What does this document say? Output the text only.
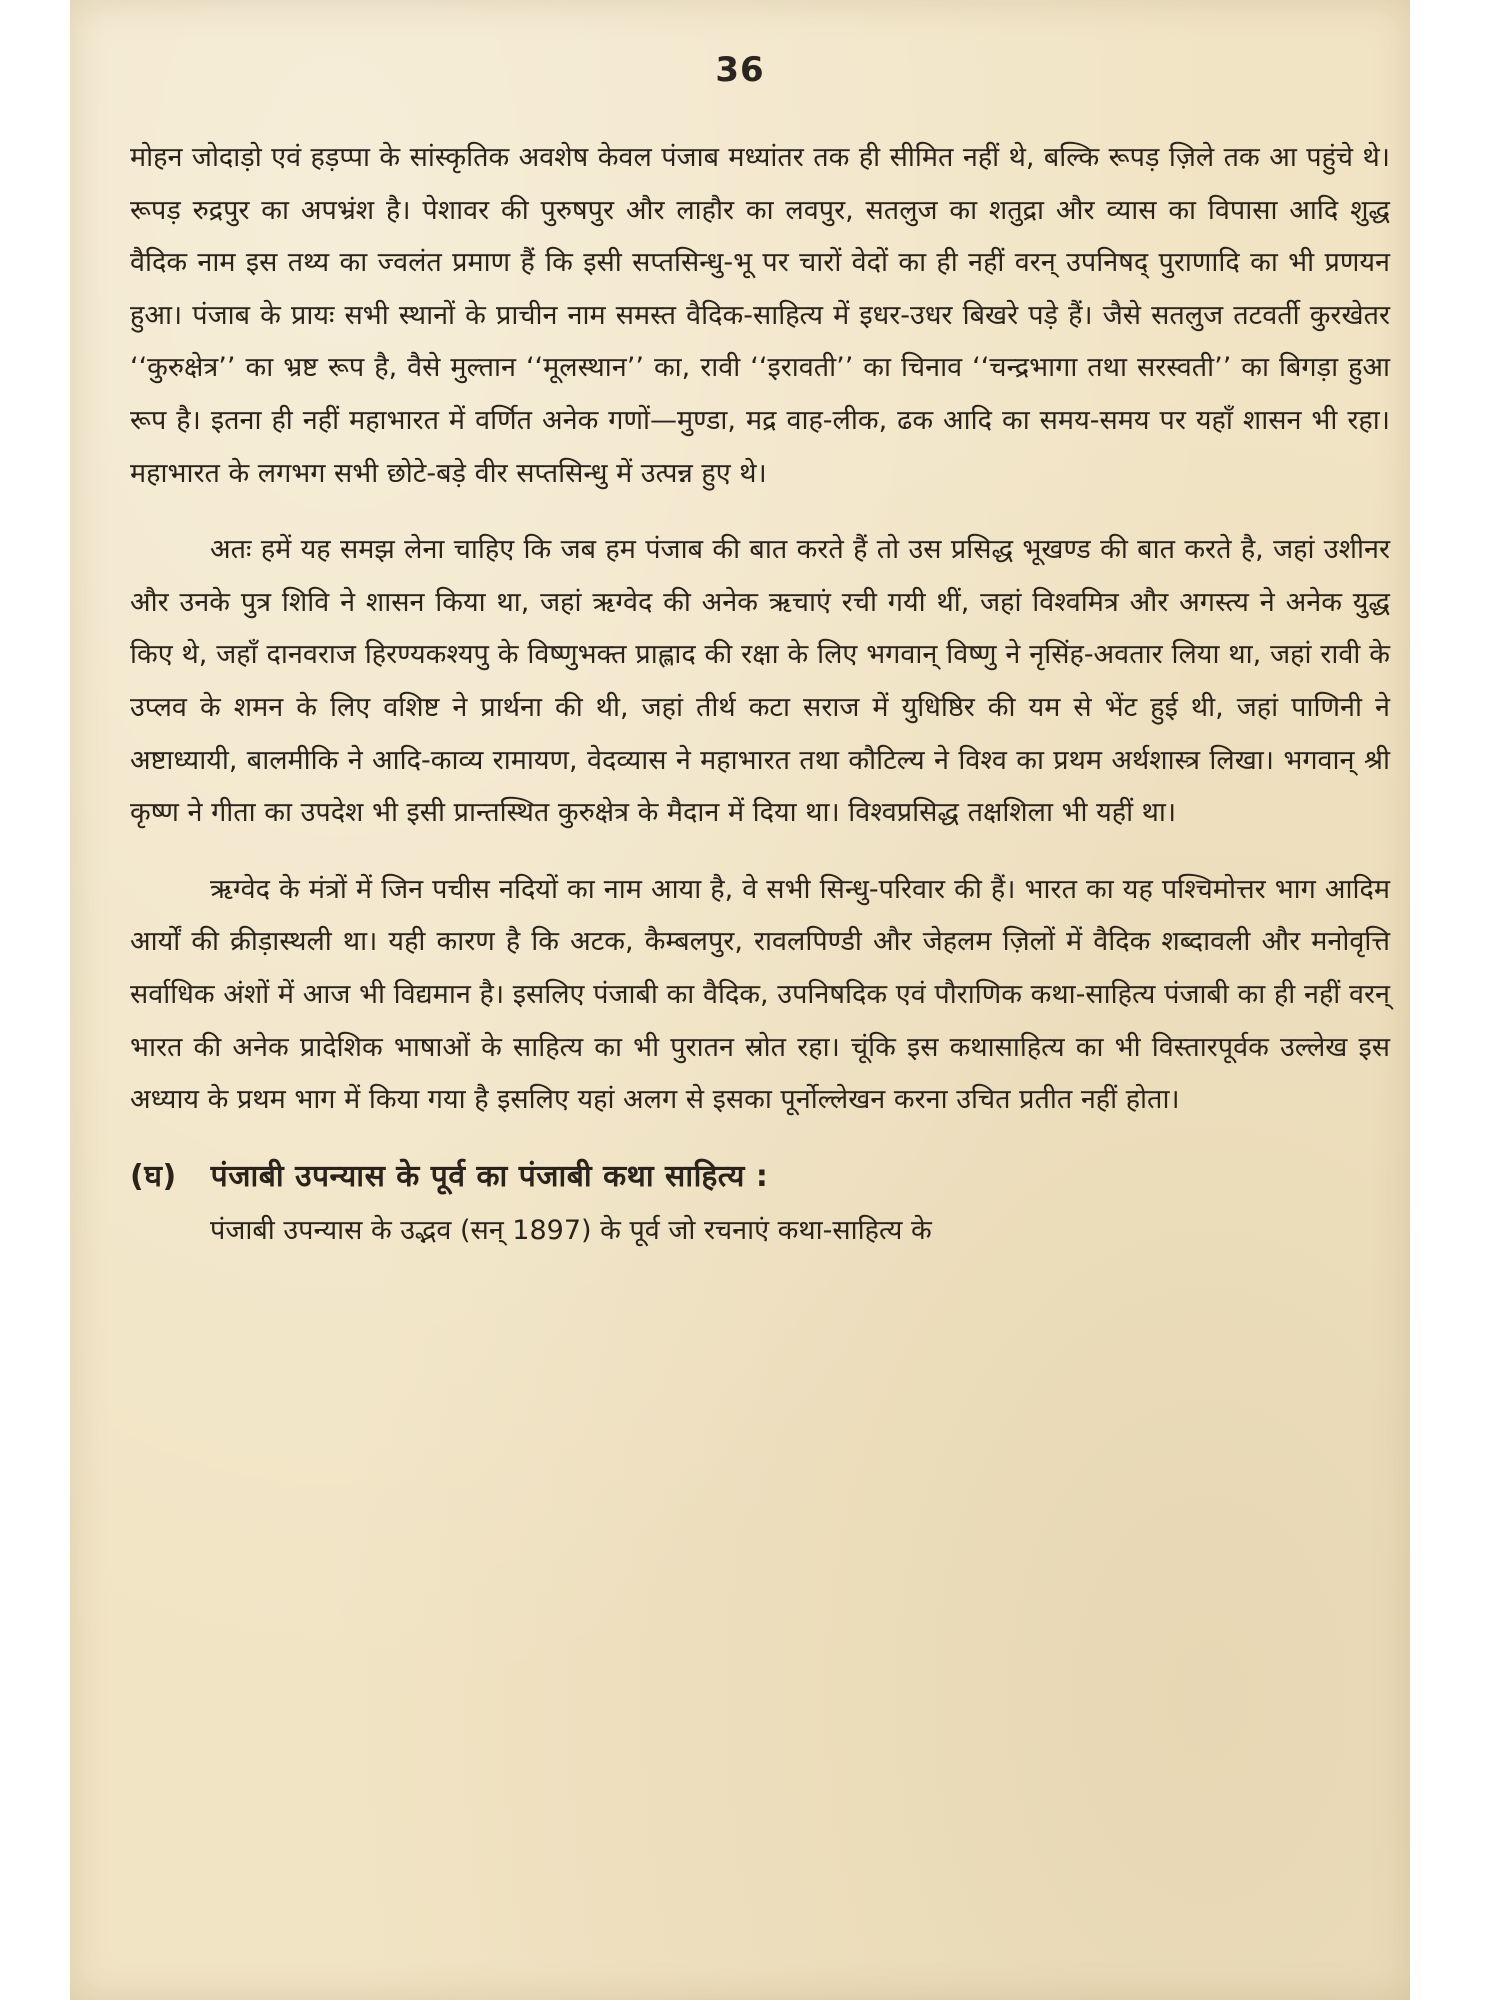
36

मोहन जोदाड़ो एवं हड़प्पा के सांस्कृतिक अवशेष केवल पंजाब मध्यांतर तक ही सीमित नहीं थे, बल्कि रूपड़ ज़िले तक आ पहुंचे थे। रूपड़ रुद्रपुर का अपभ्रंश है। पेशावर की पुरुषपुर और लाहौर का लवपुर, सतलुज का शतुद्रा और व्यास का विपासा आदि शुद्ध वैदिक नाम इस तथ्य का ज्वलंत प्रमाण हैं कि इसी सप्तसिन्धु-भू पर चारों वेदों का ही नहीं वरन् उपनिषद् पुराणादि का भी प्रणयन हुआ। पंजाब के प्रायः सभी स्थानों के प्राचीन नाम समस्त वैदिक-साहित्य में इधर-उधर बिखरे पड़े हैं। जैसे सतलुज तटवर्ती कुरखेतर ‘‘कुरुक्षेत्र’’ का भ्रष्ट रूप है, वैसे मुल्तान ‘‘मूलस्थान’’ का, रावी ‘‘इरावती’’ का चिनाव ‘‘चन्द्रभागा तथा सरस्वती’’ का बिगड़ा हुआ रूप है। इतना ही नहीं महाभारत में वर्णित अनेक गणों—मुण्डा, मद्र वाह-लीक, ढक आदि का समय-समय पर यहाँ शासन भी रहा। महाभारत के लगभग सभी छोटे-बड़े वीर सप्तसिन्धु में उत्पन्न हुए थे।

अतः हमें यह समझ लेना चाहिए कि जब हम पंजाब की बात करते हैं तो उस प्रसिद्ध भूखण्ड की बात करते है, जहां उशीनर और उनके पुत्र शिवि ने शासन किया था, जहां ऋग्वेद की अनेक ऋचाएं रची गयी थीं, जहां विश्वमित्र और अगस्त्य ने अनेक युद्ध किए थे, जहाँ दानवराज हिरण्यकश्यपु के विष्णुभक्त प्राह्लाद की रक्षा के लिए भगवान् विष्णु ने नृसिंह-अवतार लिया था, जहां रावी के उप्लव के शमन के लिए वशिष्ट ने प्रार्थना की थी, जहां तीर्थ कटा सराज में युधिष्ठिर की यम से भेंट हुई थी, जहां पाणिनी ने अष्टाध्यायी, बालमीकि ने आदि-काव्य रामायण, वेदव्यास ने महाभारत तथा कौटिल्य ने विश्व का प्रथम अर्थशास्त्र लिखा। भगवान् श्री कृष्ण ने गीता का उपदेश भी इसी प्रान्तस्थित कुरुक्षेत्र के मैदान में दिया था। विश्वप्रसिद्ध तक्षशिला भी यहीं था।

ऋग्वेद के मंत्रों में जिन पचीस नदियों का नाम आया है, वे सभी सिन्धु-परिवार की हैं। भारत का यह पश्चिमोत्तर भाग आदिम आर्यों की क्रीड़ास्थली था। यही कारण है कि अटक, कैम्बलपुर, रावलपिण्डी और जेहलम ज़िलों में वैदिक शब्दावली और मनोवृत्ति सर्वाधिक अंशों में आज भी विद्यमान है। इसलिए पंजाबी का वैदिक, उपनिषदिक एवं पौराणिक कथा-साहित्य पंजाबी का ही नहीं वरन् भारत की अनेक प्रादेशिक भाषाओं के साहित्य का भी पुरातन स्रोत रहा। चूंकि इस कथासाहित्य का भी विस्तारपूर्वक उल्लेख इस अध्याय के प्रथम भाग में किया गया है इसलिए यहां अलग से इसका पूर्नोल्लेखन करना उचित प्रतीत नहीं होता।

(घ) पंजाबी उपन्यास के पूर्व का पंजाबी कथा साहित्य :

पंजाबी उपन्यास के उद्भव (सन् 1897) के पूर्व जो रचनाएं कथा-साहित्य के
